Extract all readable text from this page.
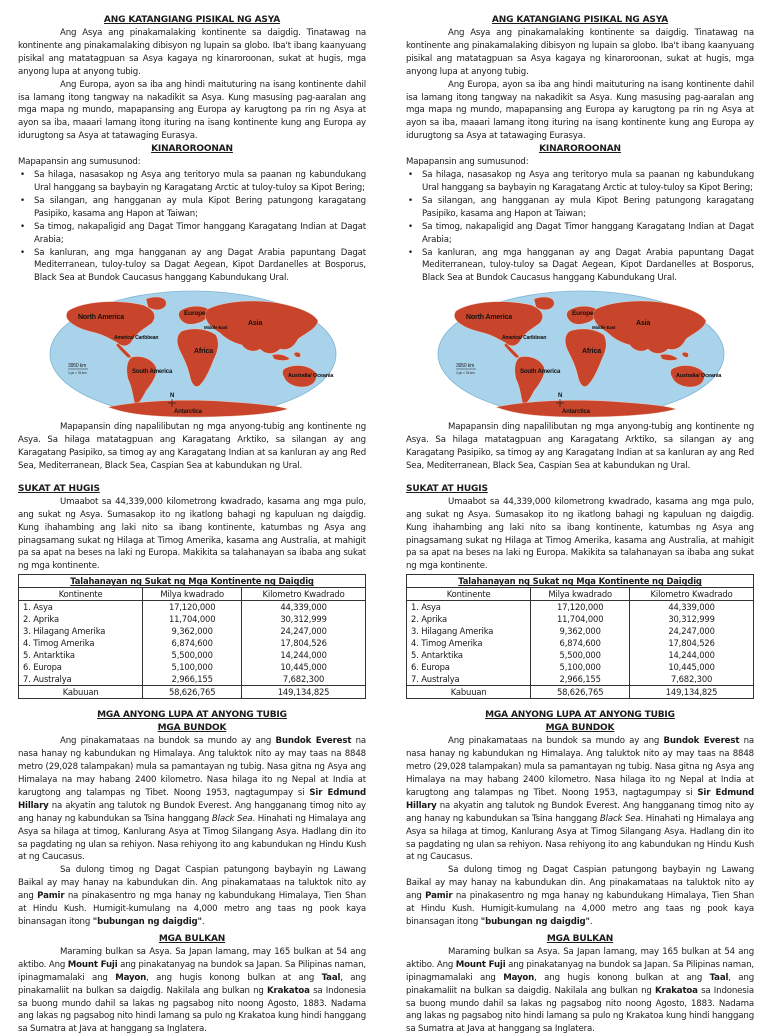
ANG KATANGIANG PISIKAL NG ASYA

Ang Asya ang pinakamalaking kontinente sa daigdig. Tinatawag na kontinente ang pinakamalaking dibisyon ng lupain sa globo. Iba't ibang kaanyuang pisikal ang matatagpuan sa Asya kagaya ng kinaroroonan, sukat at hugis, mga anyong lupa at anyong tubig.

Ang Europa, ayon sa iba ang hindi maituturing na isang kontinente dahil isa lamang itong tangway na nakadikit sa Asya. Kung masusing pag-aaralan ang mga mapa ng mundo, mapapansing ang Europa ay karugtong pa rin ng Asya at ayon sa iba, maaari lamang itong ituring na isang kontinente kung ang Europa ay idurugtong sa Asya at tatawaging Eurasya.

KINAROROONAN

Mapapansin ang sumusunod:

• Sa hilaga, nasasakop ng Asya ang teritoryo mula sa paanan ng kabundukang Ural hanggang sa baybayin ng Karagatang Arctic at tuloy-tuloy sa Kipot Bering;
• Sa silangan, ang hangganan ay mula Kipot Bering patungong karagatang Pasipiko, kasama ang Hapon at Taiwan;
• Sa timog, nakapaligid ang Dagat Timor hanggang Karagatang Indian at Dagat Arabia;
• Sa kanluran, ang mga hangganan ay ang Dagat Arabia papuntang Dagat Mediterranean, tuloy-tuloy sa Dagat Aegean, Kipot Dardanelles at Bosporus, Black Sea at Bundok Caucasus hanggang Kabundukang Ural.
North America
America/ Caribbean
South America
Europe
Middle East
Asia
Africa
Australia/ Oceania
Antarctica
3950 km
1 px = 76 km
N

Mapapansin ding napalilibutan ng mga anyong-tubig ang kontinente ng Asya. Sa hilaga matatagpuan ang Karagatang Arktiko, sa silangan ay ang Karagatang Pasipiko, sa timog ay ang Karagatang Indian at sa kanluran ay ang Red Sea, Mediterranean, Black Sea, Caspian Sea at kabundukan ng Ural.

SUKAT AT HUGIS

Umaabot sa 44,339,000 kilometrong kwadrado, kasama ang mga pulo, ang sukat ng Asya. Sumasakop ito ng ikatlong bahagi ng kapuluan ng daigdig. Kung ihahambing ang laki nito sa ibang kontinente, katumbas ng Asya ang pinagsamang sukat ng Hilaga at Timog Amerika, kasama ang Australia, at mahigit pa sa apat na beses na laki ng Europa. Makikita sa talahanayan sa ibaba ang sukat ng mga kontinente.

Talahanayan ng Sukat ng Mga Kontinente ng Daigdig		
Kontinente	Milya kwadrado	Kilometro Kwadrado
1. Asya	17,120,000	44,339,000
2. Aprika	11,704,000	30,312,999
3. Hilagang Amerika	9,362,000	24,247,000
4. Timog Amerika	6,874,600	17,804,526
5. Antarktika	5,500,000	14,244,000
6. Europa	5,100,000	10,445,000
7. Australya	2,966,155	7,682,300
Kabuuan	58,626,765	149,134,825
MGA ANYONG LUPA AT ANYONG TUBIG
MGA BUNDOK

Ang pinakamataas na bundok sa mundo ay ang Bundok Everest na nasa hanay ng kabundukan ng Himalaya. Ang taluktok nito ay may taas na 8848 metro (29,028 talampakan) mula sa pamantayan ng tubig. Nasa gitna ng Asya ang Himalaya na may habang 2400 kilometro. Nasa hilaga ito ng Nepal at India at karugtong ang talampas ng Tibet. Noong 1953, nagtagumpay si Sir Edmund Hillary na akyatin ang talutok ng Bundok Everest. Ang hangganang timog nito ay ang hanay ng kabundukan sa Tsina hanggang Black Sea. Hinahati ng Himalaya ang Asya sa hilaga at timog, Kanlurang Asya at Timog Silangang Asya. Hadlang din ito sa pagdating ng ulan sa rehiyon. Nasa rehiyong ito ang kabundukan ng Hindu Kush at ng Caucasus.

Sa dulong timog ng Dagat Caspian patungong baybayin ng Lawang Baikal ay may hanay na kabundukan din. Ang pinakamataas na taluktok nito ay ang Pamir na pinakasentro ng mga hanay ng kabundukang Himalaya, Tien Shan at Hindu Kush. Humigit-kumulang na 4,000 metro ang taas ng pook kaya binansagan itong "bubungan ng daigdig".

MGA BULKAN

Maraming bulkan sa Asya. Sa Japan lamang, may 165 bulkan at 54 ang aktibo. Ang Mount Fuji ang pinakatanyag na bundok sa Japan. Sa Pilipinas naman, ipinagmamalaki ang Mayon, ang hugis konong bulkan at ang Taal, ang pinakamaliit na bulkan sa daigdig. Nakilala ang bulkan ng Krakatoa sa Indonesia sa buong mundo dahil sa lakas ng pagsabog nito noong Agosto, 1883. Nadama ang lakas ng pagsabog nito hindi lamang sa pulo ng Krakatoa kung hindi hanggang sa Sumatra at Java at hanggang sa Inglatera.

ANG KATANGIANG PISIKAL NG ASYA

Ang Asya ang pinakamalaking kontinente sa daigdig. Tinatawag na kontinente ang pinakamalaking dibisyon ng lupain sa globo. Iba't ibang kaanyuang pisikal ang matatagpuan sa Asya kagaya ng kinaroroonan, sukat at hugis, mga anyong lupa at anyong tubig.

Ang Europa, ayon sa iba ang hindi maituturing na isang kontinente dahil isa lamang itong tangway na nakadikit sa Asya. Kung masusing pag-aaralan ang mga mapa ng mundo, mapapansing ang Europa ay karugtong pa rin ng Asya at ayon sa iba, maaari lamang itong ituring na isang kontinente kung ang Europa ay idurugtong sa Asya at tatawaging Eurasya.

KINAROROONAN

Mapapansin ang sumusunod:

• Sa hilaga, nasasakop ng Asya ang teritoryo mula sa paanan ng kabundukang Ural hanggang sa baybayin ng Karagatang Arctic at tuloy-tuloy sa Kipot Bering;
• Sa silangan, ang hangganan ay mula Kipot Bering patungong karagatang Pasipiko, kasama ang Hapon at Taiwan;
• Sa timog, nakapaligid ang Dagat Timor hanggang Karagatang Indian at Dagat Arabia;
• Sa kanluran, ang mga hangganan ay ang Dagat Arabia papuntang Dagat Mediterranean, tuloy-tuloy sa Dagat Aegean, Kipot Dardanelles at Bosporus, Black Sea at Bundok Caucasus hanggang Kabundukang Ural.
North America
America/ Caribbean
South America
Europe
Middle East
Asia
Africa
Australia/ Oceania
Antarctica
3950 km
1 px = 76 km
N

Mapapansin ding napalilibutan ng mga anyong-tubig ang kontinente ng Asya. Sa hilaga matatagpuan ang Karagatang Arktiko, sa silangan ay ang Karagatang Pasipiko, sa timog ay ang Karagatang Indian at sa kanluran ay ang Red Sea, Mediterranean, Black Sea, Caspian Sea at kabundukan ng Ural.

SUKAT AT HUGIS

Umaabot sa 44,339,000 kilometrong kwadrado, kasama ang mga pulo, ang sukat ng Asya. Sumasakop ito ng ikatlong bahagi ng kapuluan ng daigdig. Kung ihahambing ang laki nito sa ibang kontinente, katumbas ng Asya ang pinagsamang sukat ng Hilaga at Timog Amerika, kasama ang Australia, at mahigit pa sa apat na beses na laki ng Europa. Makikita sa talahanayan sa ibaba ang sukat ng mga kontinente.

Talahanayan ng Sukat ng Mga Kontinente ng Daigdig		
Kontinente	Milya kwadrado	Kilometro Kwadrado
1. Asya	17,120,000	44,339,000
2. Aprika	11,704,000	30,312,999
3. Hilagang Amerika	9,362,000	24,247,000
4. Timog Amerika	6,874,600	17,804,526
5. Antarktika	5,500,000	14,244,000
6. Europa	5,100,000	10,445,000
7. Australya	2,966,155	7,682,300
Kabuuan	58,626,765	149,134,825
MGA ANYONG LUPA AT ANYONG TUBIG
MGA BUNDOK

Ang pinakamataas na bundok sa mundo ay ang Bundok Everest na nasa hanay ng kabundukan ng Himalaya. Ang taluktok nito ay may taas na 8848 metro (29,028 talampakan) mula sa pamantayan ng tubig. Nasa gitna ng Asya ang Himalaya na may habang 2400 kilometro. Nasa hilaga ito ng Nepal at India at karugtong ang talampas ng Tibet. Noong 1953, nagtagumpay si Sir Edmund Hillary na akyatin ang talutok ng Bundok Everest. Ang hangganang timog nito ay ang hanay ng kabundukan sa Tsina hanggang Black Sea. Hinahati ng Himalaya ang Asya sa hilaga at timog, Kanlurang Asya at Timog Silangang Asya. Hadlang din ito sa pagdating ng ulan sa rehiyon. Nasa rehiyong ito ang kabundukan ng Hindu Kush at ng Caucasus.

Sa dulong timog ng Dagat Caspian patungong baybayin ng Lawang Baikal ay may hanay na kabundukan din. Ang pinakamataas na taluktok nito ay ang Pamir na pinakasentro ng mga hanay ng kabundukang Himalaya, Tien Shan at Hindu Kush. Humigit-kumulang na 4,000 metro ang taas ng pook kaya binansagan itong "bubungan ng daigdig".

MGA BULKAN

Maraming bulkan sa Asya. Sa Japan lamang, may 165 bulkan at 54 ang aktibo. Ang Mount Fuji ang pinakatanyag na bundok sa Japan. Sa Pilipinas naman, ipinagmamalaki ang Mayon, ang hugis konong bulkan at ang Taal, ang pinakamaliit na bulkan sa daigdig. Nakilala ang bulkan ng Krakatoa sa Indonesia sa buong mundo dahil sa lakas ng pagsabog nito noong Agosto, 1883. Nadama ang lakas ng pagsabog nito hindi lamang sa pulo ng Krakatoa kung hindi hanggang sa Sumatra at Java at hanggang sa Inglatera.
